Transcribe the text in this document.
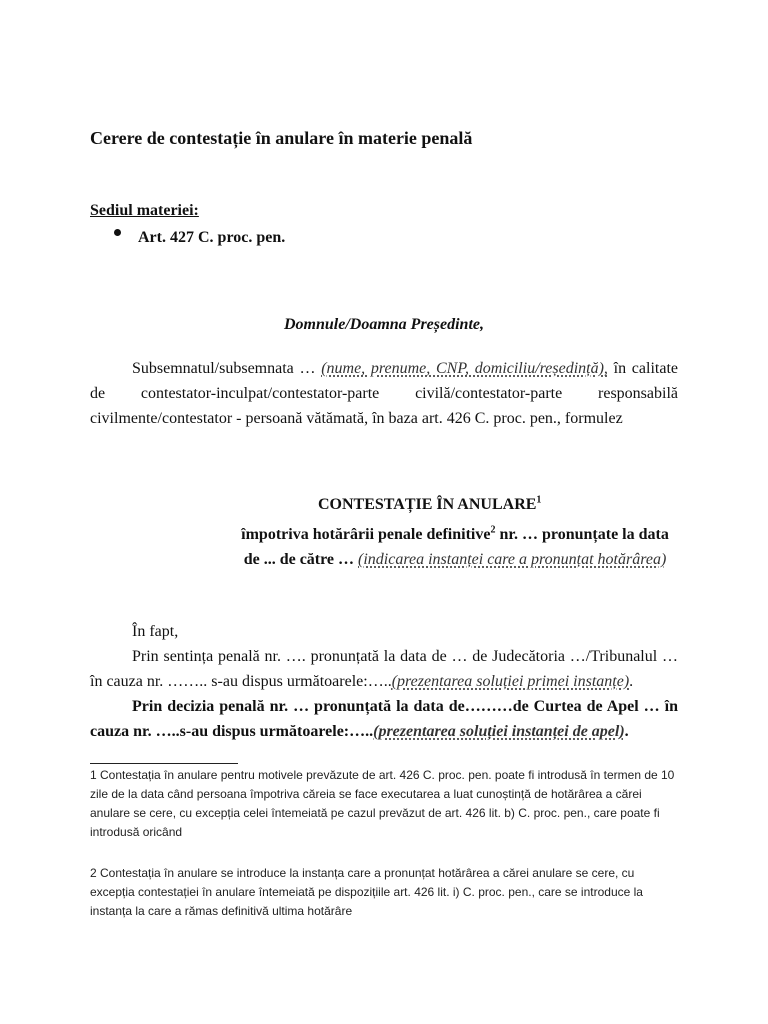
Cerere de contestație în anulare în materie penală
Sediul materiei:
Art. 427 C. proc. pen.
Domnule/Doamna Președinte,
Subsemnatul/subsemnata … (nume, prenume, CNP, domiciliu/reședință), în calitate de contestator-inculpat/contestator-parte civilă/contestator-parte responsabilă civilmente/contestator - persoană vătămată, în baza art. 426 C. proc. pen., formulez
CONTESTAȚIE ÎN ANULARE$^1$
împotriva hotărârii penale definitive$^2$ nr. … pronunțate la data de ... de către … (indicarea instanței care a pronunțat hotărârea)

În fapt,

Prin sentința penală nr. …. pronunțată la data de … de Judecătoria …/Tribunalul … în cauza nr. …….. s-au dispus următoarele:…..(prezentarea soluției primei instanțe).

Prin decizia penală nr. … pronunțată la data de………de Curtea de Apel … în cauza nr. …..s-au dispus următoarele:…..(prezentarea soluției instanței de apel).

1 Contestația în anulare pentru motivele prevăzute de art. 426 C. proc. pen. poate fi introdusă în termen de 10 zile de la data când persoana împotriva căreia se face executarea a luat cunoștință de hotărârea a cărei anulare se cere, cu excepția celei întemeiată pe cazul prevăzut de art. 426 lit. b) C. proc. pen., care poate fi introdusă oricând
2 Contestația în anulare se introduce la instanța care a pronunțat hotărârea a cărei anulare se cere, cu excepția contestației în anulare întemeiată pe dispozițiile art. 426 lit. i) C. proc. pen., care se introduce la instanța la care a rămas definitivă ultima hotărâre
